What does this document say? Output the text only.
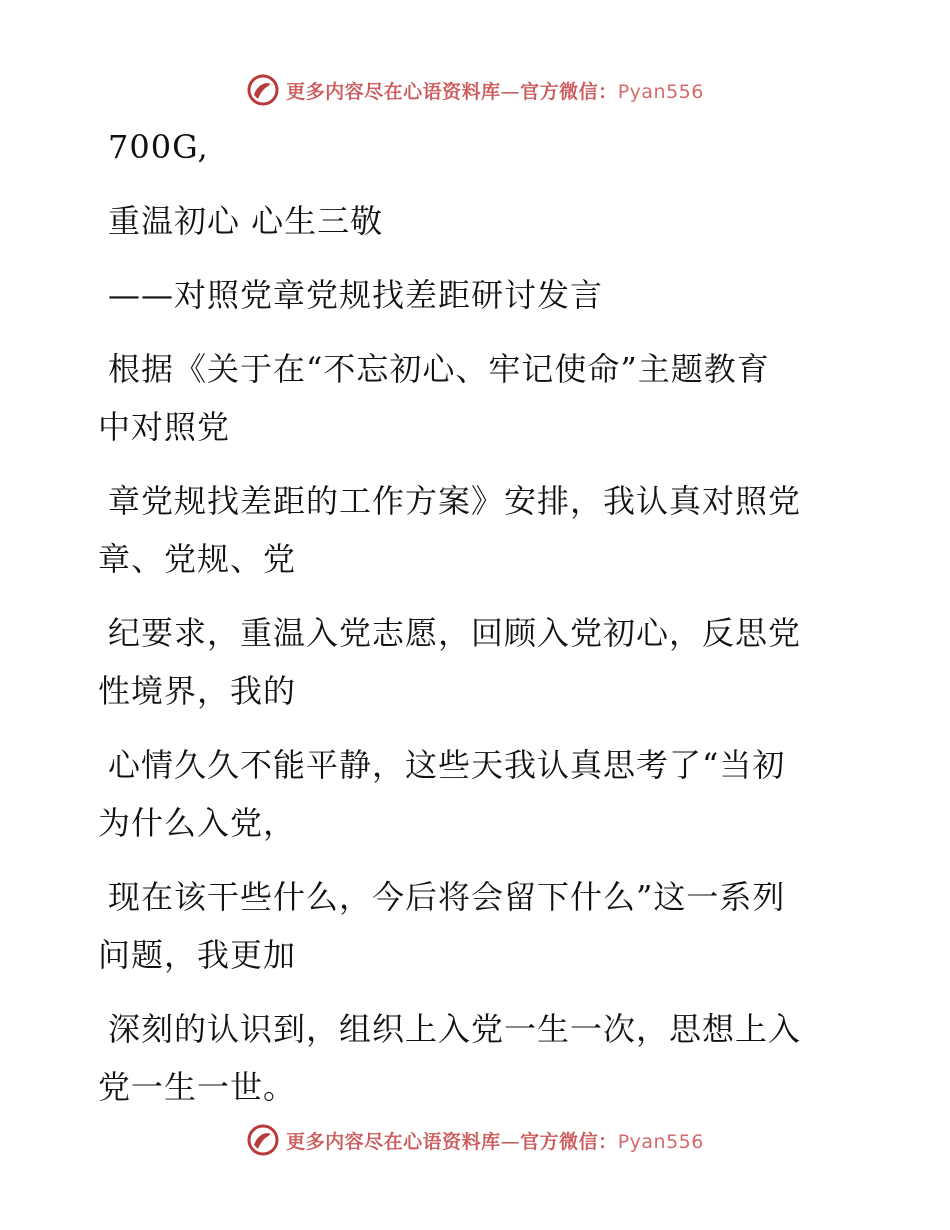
更多内容尽在心语资料库—官方微信：Pyan556
700G,
重温初心 心生三敬
——对照党章党规找差距研讨发言
根据《关于在“不忘初心、牢记使命”主题教育
中对照党
章党规找差距的工作方案》安排，我认真对照党
章、党规、党
纪要求，重温入党志愿，回顾入党初心，反思党
性境界，我的
心情久久不能平静，这些天我认真思考了“当初
为什么入党，
现在该干些什么，今后将会留下什么”这一系列
问题，我更加
深刻的认识到，组织上入党一生一次，思想上入
党一生一世。
更多内容尽在心语资料库—官方微信：Pyan556
